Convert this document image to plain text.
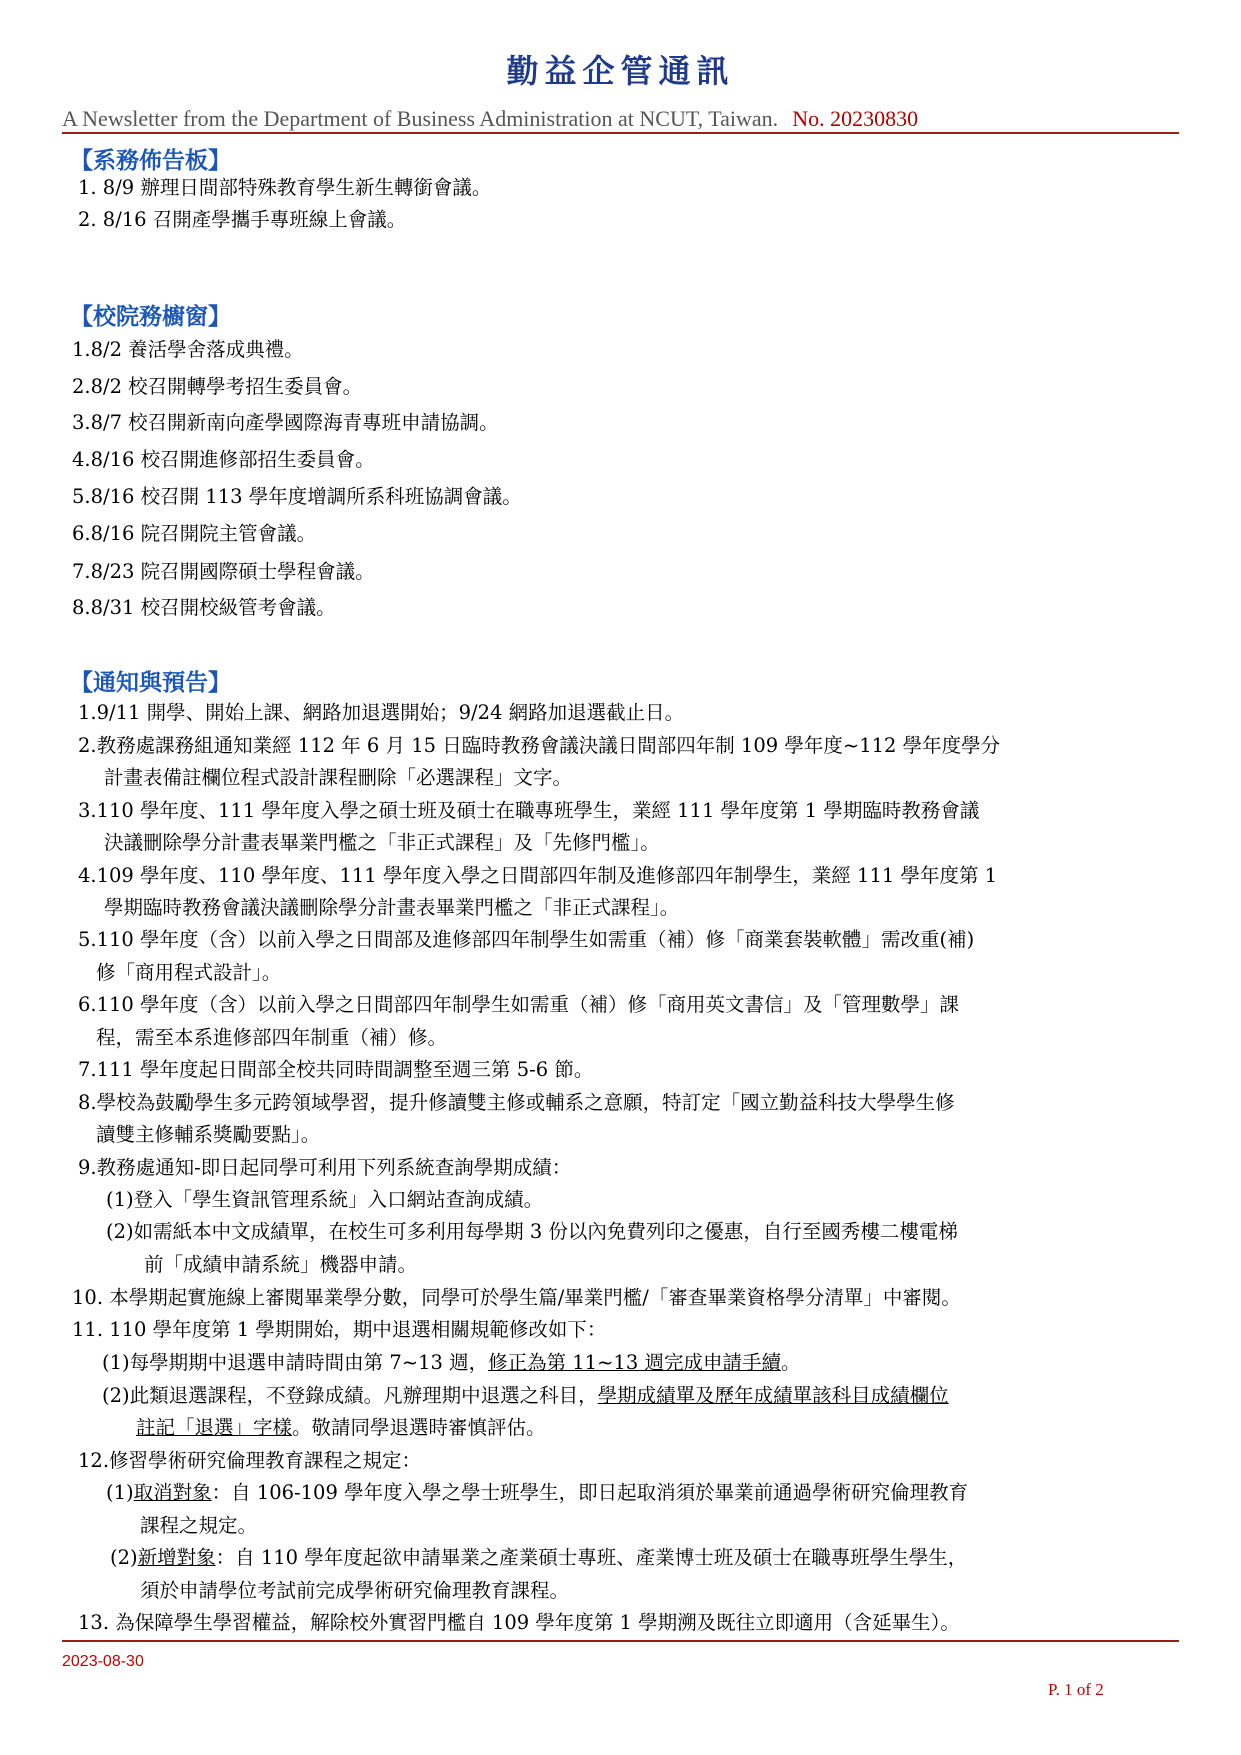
勤益企管通訊
A Newsletter from the Department of Business Administration at NCUT, Taiwan. No. 20230830
【系務佈告板】
1. 8/9 辦理日間部特殊教育學生新生轉銜會議。
2. 8/16 召開產學攜手專班線上會議。
【校院務櫥窗】
1.8/2 養活學舍落成典禮。
2.8/2 校召開轉學考招生委員會。
3.8/7 校召開新南向產學國際海青專班申請協調。
4.8/16 校召開進修部招生委員會。
5.8/16 校召開 113 學年度增調所系科班協調會議。
6.8/16 院召開院主管會議。
7.8/23 院召開國際碩士學程會議。
8.8/31 校召開校級管考會議。
【通知與預告】
1.9/11 開學、開始上課、網路加退選開始；9/24 網路加退選截止日。
2.教務處課務組通知業經 112 年 6 月 15 日臨時教務會議決議日間部四年制 109 學年度~112 學年度學分
計畫表備註欄位程式設計課程刪除「必選課程」文字。
3.110 學年度、111 學年度入學之碩士班及碩士在職專班學生，業經 111 學年度第 1 學期臨時教務會議
決議刪除學分計畫表畢業門檻之「非正式課程」及「先修門檻」。
4.109 學年度、110 學年度、111 學年度入學之日間部四年制及進修部四年制學生，業經 111 學年度第 1
學期臨時教務會議決議刪除學分計畫表畢業門檻之「非正式課程」。
5.110 學年度（含）以前入學之日間部及進修部四年制學生如需重（補）修「商業套裝軟體」需改重(補)
修「商用程式設計」。
6.110 學年度（含）以前入學之日間部四年制學生如需重（補）修「商用英文書信」及「管理數學」課
程，需至本系進修部四年制重（補）修。
7.111 學年度起日間部全校共同時間調整至週三第 5-6 節。
8.學校為鼓勵學生多元跨領域學習，提升修讀雙主修或輔系之意願，特訂定「國立勤益科技大學學生修
讀雙主修輔系獎勵要點」。
9.教務處通知-即日起同學可利用下列系統查詢學期成績：
(1)登入「學生資訊管理系統」入口網站查詢成績。
(2)如需紙本中文成績單，在校生可多利用每學期 3 份以內免費列印之優惠，自行至國秀樓二樓電梯
前「成績申請系統」機器申請。
10. 本學期起實施線上審閱畢業學分數，同學可於學生篇/畢業門檻/「審查畢業資格學分清單」中審閱。
11. 110 學年度第 1 學期開始，期中退選相關規範修改如下：
(1)每學期期中退選申請時間由第 7~13 週，修正為第 11~13 週完成申請手續。
(2)此類退選課程，不登錄成績。凡辦理期中退選之科目，學期成績單及歷年成績單該科目成績欄位
註記「退選」字樣。敬請同學退選時審慎評估。
12.修習學術研究倫理教育課程之規定：
(1)取消對象：自 106-109 學年度入學之學士班學生，即日起取消須於畢業前通過學術研究倫理教育
課程之規定。
(2)新增對象：自 110 學年度起欲申請畢業之產業碩士專班、產業博士班及碩士在職專班學生學生，
須於申請學位考試前完成學術研究倫理教育課程。
13. 為保障學生學習權益，解除校外實習門檻自 109 學年度第 1 學期溯及既往立即適用（含延畢生）。
2023-08-30
P. 1 of 2
